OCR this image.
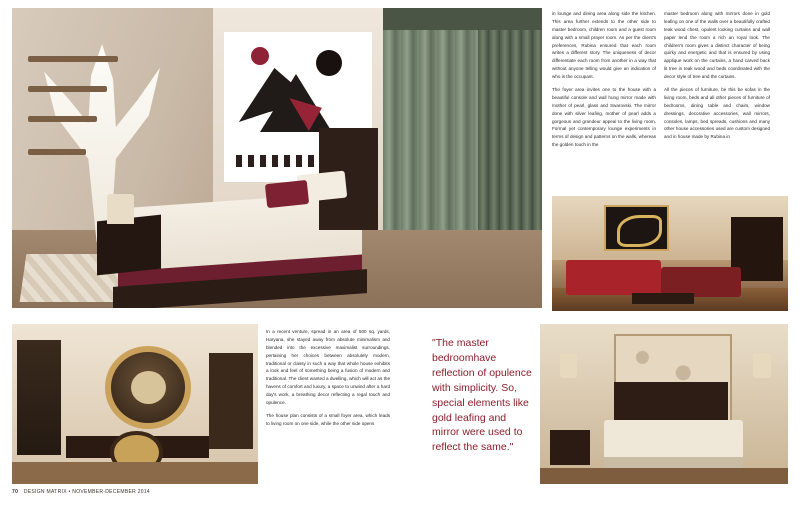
in lounge and dining area along side the kitchen. This area further extends to the other side to master bedroom, children room and a guest room along with a small prayer room. As per the client's preferences, Rubina ensured that each room writes a different story. The uniqueness of decor differentiate each room from another in a way that without anyone telling would give an indication of who is the occupant.

The foyer area invites one to the house with a beautiful console and wall hung mirror made with mother of pearl, glass and Swarovski. The mirror done with silver leafing, mother of pearl adds a gorgeous and grandeur appeal to the living room. Formal yet contemporary lounge experiments in terms of design and patterns on the walls, whereas the golden touch in the

master bedroom along with mirrors done in gold leafing on one of the walls over a beautifully crafted teak wood chest, opulent looking curtains and wall paper lend the room a rich an royal look. The children's room gives a distinct character of being quirky and energetic and that is ensured by using applique work on the curtains, a hand carved back lit tree in teak wood and beds coordinated with the decor style of tree and the curtains.

All the pieces of furniture, be this be sofas in the living room, beds and all other pieces of furniture of bedrooms, dining table and chairs, window dressings, decorative accessories, wall mirrors, consoles, lamps, bed spreads, cushions and many other house accessories used are custom designed and in house made by Rubina in

In a recent venture, spread in an area of 500 sq. yards, Haryana, she stayed away from absolute minimalism and blended into the excessive maximalist surroundings, pertaining her choices between absolutely modern, traditional or classy in such a way that whole house exhibits a look and feel of something being a fusion of modern and traditional. The client wanted a dwelling, which will act as the havens of comfort and luxury, a space to unwind after a hard day's work, a breathing decor reflecting a regal touch and opulence.

The house plan consists of a small foyer area, which leads to living room on one side, while the other side opens

"The master bedroomhave reflection of opulence with simplicity. So, special elements like gold leafing and mirror were used to reflect the same."
70 DESIGN MATRIX • NOVEMBER-DECEMBER 2014
